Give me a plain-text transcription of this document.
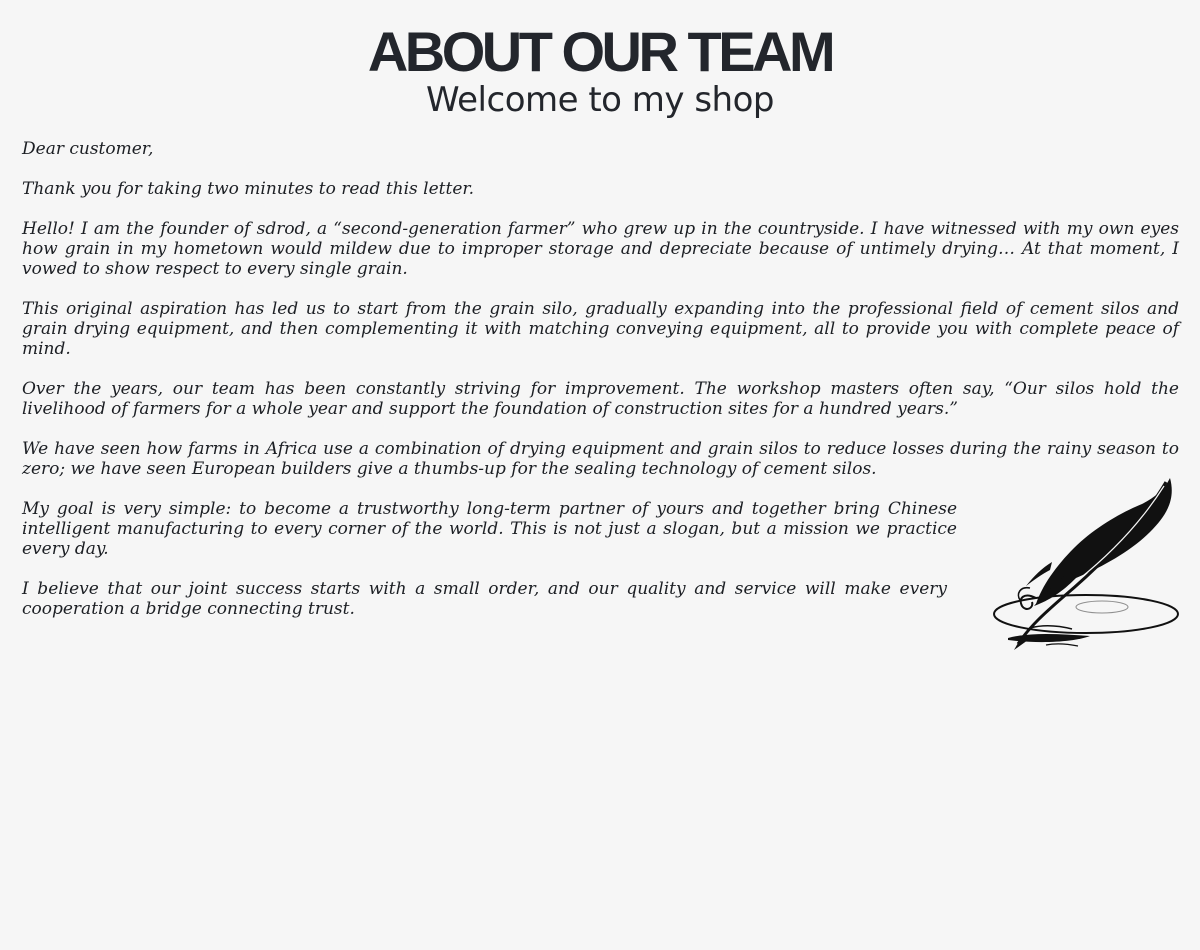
ABOUT OUR TEAM
Welcome to my shop

Dear customer,

Thank you for taking two minutes to read this letter.

Hello! I am the founder of sdrod, a “second-generation farmer” who grew up in the countryside. I have witnessed with my own eyes how grain in my hometown would mildew due to improper storage and depreciate because of untimely drying… At that moment, I vowed to show respect to every single grain.

This original aspiration has led us to start from the grain silo, gradually expanding into the professional field of cement silos and grain drying equipment, and then complementing it with matching conveying equipment, all to provide you with complete peace of mind.

Over the years, our team has been constantly striving for improvement. The workshop masters often say, “Our silos hold the livelihood of farmers for a whole year and support the foundation of construction sites for a hundred years.”

We have seen how farms in Africa use a combination of drying equipment and grain silos to reduce losses during the rainy season to zero; we have seen European builders give a thumbs-up for the sealing technology of cement silos.

My goal is very simple: to become a trustworthy long-term partner of yours and together bring Chinese intelligent manufacturing to every corner of the world. This is not just a slogan, but a mission we practice every day.

I believe that our joint success starts with a small order, and our quality and service will make every cooperation a bridge connecting trust.
